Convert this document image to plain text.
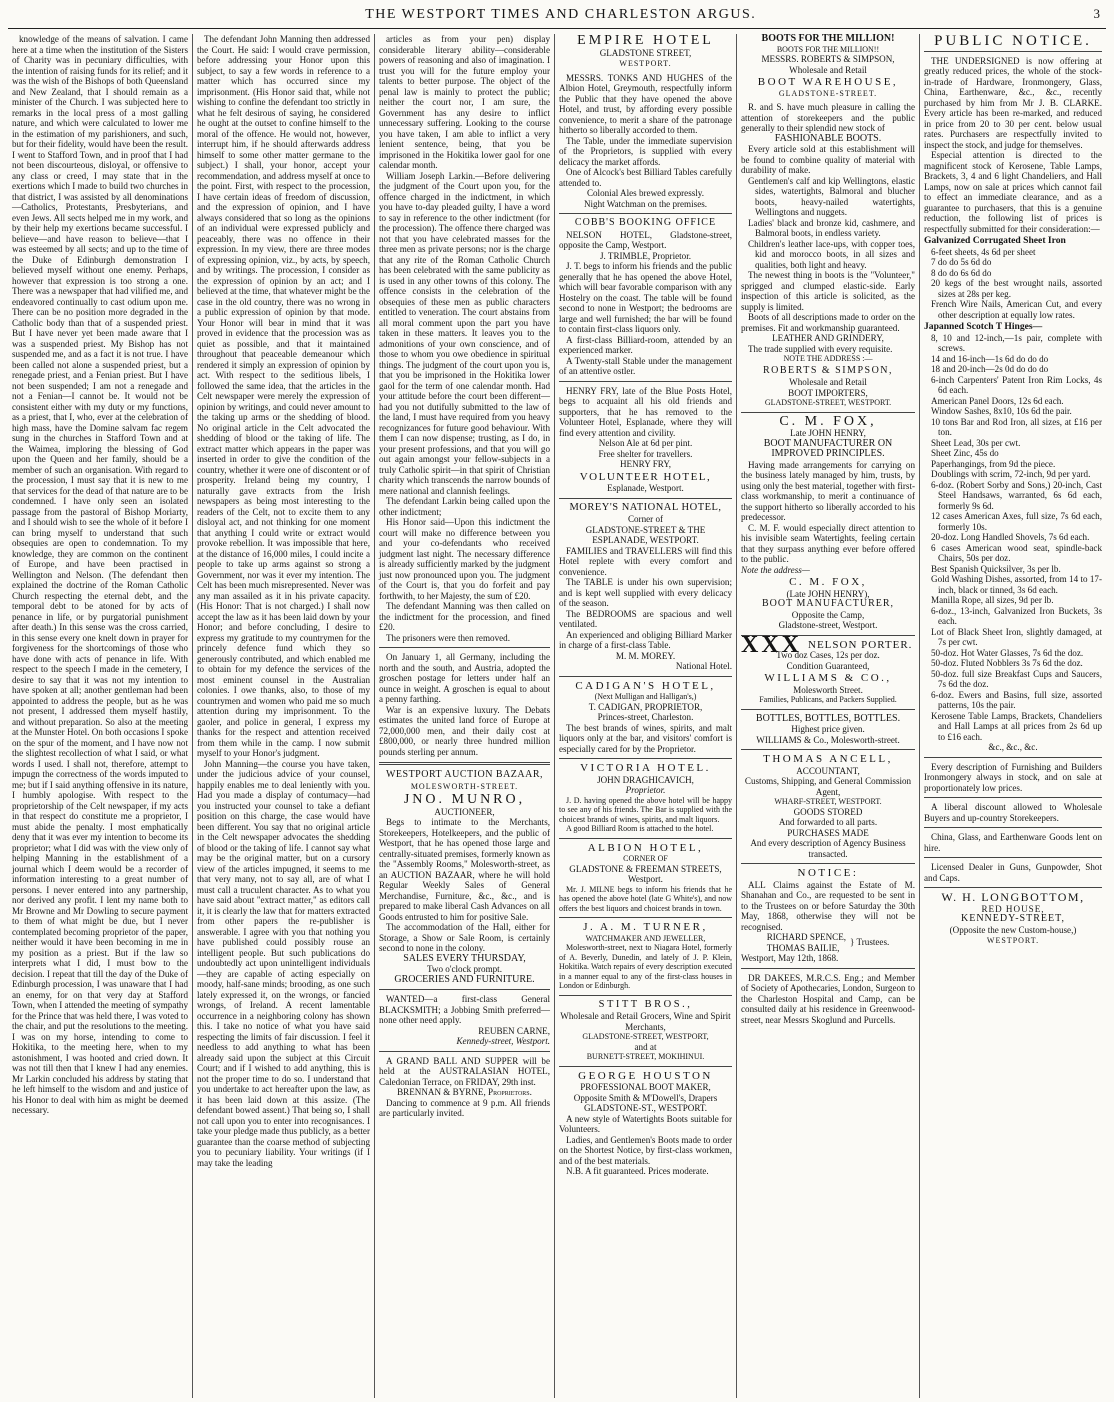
THE WESTPORT TIMES AND CHARLESTON ARGUS.	3

knowledge of the means of salvation. I came here at a time when the institution of the Sisters of Charity was in pecuniary difficulties, with the intention of raising funds for its relief; and it was the wish of the Bishops of both Queensland and New Zealand, that I should remain as a minister of the Church. I was subjected here to remarks in the local press of a most galling nature, and which were calculated to lower me in the estimation of my parishioners, and such, but for their fidelity, would have been the result. I went to Stafford Town, and in proof that I had not been discourteous, disloyal, or offensive to any class or creed, I may state that in the exertions which I made to build two churches in that district, I was assisted by all denominations—Catholics, Protestants, Presbyterians, and even Jews. All sects helped me in my work, and by their help my exertions became successful. I believe—and have reason to believe—that I was esteemed by all sects; and up to the time of the Duke of Edinburgh demonstration I believed myself without one enemy. Perhaps, however that expression is too strong a one. There was a newspaper that had vilified me, and endeavored continually to cast odium upon me. There can be no position more degraded in the Catholic body than that of a suspended priest. But I have never yet been made aware that I was a suspended priest. My Bishop has not suspended me, and as a fact it is not true. I have been called not alone a suspended priest, but a renegade priest, and a Fenian priest. But I have not been suspended; I am not a renegade and not a Fenian—I cannot be. It would not be consistent either with my duty or my functions, as a priest, that I, who, ever at the celebration of high mass, have the Domine salvam fac regem sung in the churches in Stafford Town and at the Waimea, imploring the blessing of God upon the Queen and her family, should be a member of such an organisation. With regard to the procession, I must say that it is new to me that services for the dead of that nature are to be condemned. I have only seen an isolated passage from the pastoral of Bishop Moriarty, and I should wish to see the whole of it before I can bring myself to understand that such obsequies are open to condemnation. To my knowledge, they are common on the continent of Europe, and have been practised in Wellington and Nelson. (The defendant then explained the doctrine of the Roman Catholic Church respecting the eternal debt, and the temporal debt to be atoned for by acts of penance in life, or by purgatorial punishment after death.) In this sense was the cross carried, in this sense every one knelt down in prayer for forgiveness for the shortcomings of those who have done with acts of penance in life. With respect to the speech I made in the cemetery, I desire to say that it was not my intention to have spoken at all; another gentleman had been appointed to address the people, but as he was not present, I addressed them myself hastily, and without preparation. So also at the meeting at the Munster Hotel. On both occasions I spoke on the spur of the moment, and I have now not the slightest recollection of what I said, or what words I used. I shall not, therefore, attempt to impugn the correctness of the words imputed to me; but if I said anything offensive in its nature, I humbly apologise. With respect to the proprietorship of the Celt newspaper, if my acts in that respect do constitute me a proprietor, I must abide the penalty. I most emphatically deny that it was ever my intention to become its proprietor; what I did was with the view only of helping Manning in the establishment of a journal which I deem would be a recorder of information interesting to a great number of persons. I never entered into any partnership, nor derived any profit. I lent my name both to Mr Browne and Mr Dowling to secure payment to them of what might be due, but I never contemplated becoming proprietor of the paper, neither would it have been becoming in me in my position as a priest. But if the law so interprets what I did, I must bow to the decision. I repeat that till the day of the Duke of Edinburgh procession, I was unaware that I had an enemy, for on that very day at Stafford Town, when I attended the meeting of sympathy for the Prince that was held there, I was voted to the chair, and put the resolutions to the meeting. I was on my horse, intending to come to Hokitika, to the meeting here, when to my astonishment, I was hooted and cried down. It was not till then that I knew I had any enemies. Mr Larkin concluded his address by stating that he left himself to the wisdom and and justice of his Honor to deal with him as might be deemed necessary.

The defendant John Manning then addressed the Court. He said: I would crave permission, before addressing your Honor upon this subject, to say a few words in reference to a matter which has occurred since my imprisonment. (His Honor said that, while not wishing to confine the defendant too strictly in what he felt desirous of saying, he considered he ought at the outset to confine himself to the moral of the offence. He would not, however, interrupt him, if he should afterwards address himself to some other matter germane to the subject.) I shall, your honor, accept your recommendation, and address myself at once to the point. First, with respect to the procession, I have certain ideas of freedom of discussion, and the expression of opinion, and I have always considered that so long as the opinions of an individual were expressed publicly and peaceably, there was no offence in their expression. In my view, there are three modes of expressing opinion, viz., by acts, by speech, and by writings. The procession, I consider as the expression of opinion by an act; and I believed at the time, that whatever might be the case in the old country, there was no wrong in a public expression of opinion by that mode. Your Honor will bear in mind that it was proved in evidence that the procession was as quiet as possible, and that it maintained throughout that peaceable demeanour which rendered it simply an expression of opinion by act. With respect to the seditious libels, I followed the same idea, that the articles in the Celt newspaper were merely the expression of opinion by writings, and could never amount to the taking up arms or the shedding of blood. No original article in the Celt advocated the shedding of blood or the taking of life. The extract matter which appears in the paper was inserted in order to give the condition of the country, whether it were one of discontent or of prosperity. Ireland being my country, I naturally gave extracts from the Irish newspapers as being most interesting to the readers of the Celt, not to excite them to any disloyal act, and not thinking for one moment that anything I could write or extract would provoke rebellion. It was impossible that here, at the distance of 16,000 miles, I could incite a people to take up arms against so strong a Government, nor was it ever my intention. The Celt has been much misrepresented. Never was any man assailed as it in his private capacity. (His Honor: That is not charged.) I shall now accept the law as it has been laid down by your Honor; and before concluding, I desire to express my gratitude to my countrymen for the princely defence fund which they so generously contributed, and which enabled me to obtain for my defence the services of the most eminent counsel in the Australian colonies. I owe thanks, also, to those of my countrymen and women who paid me so much attention during my imprisonment. To the gaoler, and police in general, I express my thanks for the respect and attention received from them while in the camp. I now submit myself to your Honor's judgment.

John Manning—the course you have taken, under the judicious advice of your counsel, happily enables me to deal leniently with you. Had you made a display of contumacy—had you instructed your counsel to take a defiant position on this charge, the case would have been different. You say that no original article in the Celt newspaper advocates the shedding of blood or the taking of life. I cannot say what may be the original matter, but on a cursory view of the articles impugned, it seems to me that very many, not to say all, are of what I must call a truculent character. As to what you have said about "extract matter," as editors call it, it is clearly the law that for matters extracted from other papers the re-publisher is answerable. I agree with you that nothing you have published could possibly rouse an intelligent people. But such publications do undoubtedly act upon unintelligent individuals—they are capable of acting especially on moody, half-sane minds; brooding, as one such lately expressed it, on the wrongs, or fancied wrongs, of Ireland. A recent lamentable occurrence in a neighboring colony has shown this. I take no notice of what you have said respecting the limits of fair discussion. I feel it needless to add anything to what has been already said upon the subject at this Circuit Court; and if I wished to add anything, this is not the proper time to do so. I understand that you undertake to act hereafter upon the law, as it has been laid down at this assize. (The defendant bowed assent.) That being so, I shall not call upon you to enter into recognisances. I take your pledge made thus publicly, as a better guarantee than the coarse method of subjecting you to pecuniary liability. Your writings (if I may take the leading

articles as from your pen) display considerable literary ability—considerable powers of reasoning and also of imagination. I trust you will for the future employ your talents to better purpose. The object of the penal law is mainly to protect the public; neither the court nor, I am sure, the Government has any desire to inflict unnecessary suffering. Looking to the course you have taken, I am able to inflict a very lenient sentence, being, that you be imprisoned in the Hokitika lower gaol for one calendar month.

William Joseph Larkin.—Before delivering the judgment of the Court upon you, for the offence charged in the indictment, in which you have to-day pleaded guilty, I have a word to say in reference to the other indictment (for the procession). The offence there charged was not that you have celebrated masses for the three men as private persons; nor is the charge that any rite of the Roman Catholic Church has been celebrated with the same publicity as is used in any other towns of this colony. The offence consists in the celebration of the obsequies of these men as public characters entitled to veneration. The court abstains from all moral comment upon the part you have taken in these matters. It leaves you to the admonitions of your own conscience, and of those to whom you owe obedience in spiritual things. The judgment of the court upon you is, that you be imprisoned in the Hokitika lower gaol for the term of one calendar month. Had your attitude before the court been different—had you not dutifully submitted to the law of the land, I must have required from you heavy recognizances for future good behaviour. With them I can now dispense; trusting, as I do, in your present professions, and that you will go out again amongst your fellow-subjects in a truly Catholic spirit—in that spirit of Christian charity which transcends the narrow bounds of mere national and clannish feelings.

The defendant Larkin being called upon the other indictment;

His Honor said—Upon this indictment the court will make no difference between you and your co-defendants who received judgment last night. The necessary difference is already sufficiently marked by the judgment just now pronounced upon you. The judgment of the Court is, that you do forfeit and pay forthwith, to her Majesty, the sum of £20.

The defendant Manning was then called on the indictment for the procession, and fined £20.

The prisoners were then removed.

On January 1, all Germany, including the north and the south, and Austria, adopted the groschen postage for letters under half an ounce in weight. A groschen is equal to about a penny farthing.

War is an expensive luxury. The Debats estimates the united land force of Europe at 72,000,000 men, and their daily cost at £800,000, or nearly three hundred million pounds sterling per annum.

WESTPORT AUCTION BAZAAR,
MOLESWORTH-STREET.
JNO. MUNRO,
AUCTIONEER,

Begs to intimate to the Merchants, Storekeepers, Hotelkeepers, and the public of Westport, that he has opened those large and centrally-situated premises, formerly known as the "Assembly Rooms," Molesworth-street, as an AUCTION BAZAAR, where he will hold Regular Weekly Sales of General Merchandise, Furniture, &c., &c., and is prepared to make liberal Cash Advances on all Goods entrusted to him for positive Sale.

The accommodation of the Hall, either for Storage, a Show or Sale Room, is certainly second to none in the colony.

SALES EVERY THURSDAY,
Two o'clock prompt.
GROCERIES AND FURNITURE.

WANTED—a first-class General BLACKSMITH; a Jobbing Smith preferred—none other need apply.

REUBEN CARNE,
Kennedy-street, Westport.

A GRAND BALL AND SUPPER will be held at the AUSTRALASIAN HOTEL, Caledonian Terrace, on FRIDAY, 29th inst.

BRENNAN & BYRNE, Proprietors.

Dancing to commence at 9 p.m. All friends are particularly invited.

EMPIRE HOTEL
GLADSTONE STREET,
WESTPORT.

MESSRS. TONKS AND HUGHES of the Albion Hotel, Greymouth, respectfully inform the Public that they have opened the above Hotel, and trust, by affording every possible convenience, to merit a share of the patronage hitherto so liberally accorded to them.

The Table, under the immediate supervision of the Proprietors, is supplied with every delicacy the market affords.

One of Alcock's best Billiard Tables carefully attended to.

Colonial Ales brewed expressly.
Night Watchman on the premises.
COBB'S BOOKING OFFICE

NELSON HOTEL, Gladstone-street, opposite the Camp, Westport.

J. TRIMBLE, Proprietor.

J. T. begs to inform his friends and the public generally that he has opened the above Hotel, which will bear favorable comparison with any Hostelry on the coast. The table will be found second to none in Westport; the bedrooms are large and well furnished; the bar will be found to contain first-class liquors only.

A first-class Billiard-room, attended by an experienced marker.

A Twenty-stall Stable under the management of an attentive ostler.

HENRY FRY, late of the Blue Posts Hotel, begs to acquaint all his old friends and supporters, that he has removed to the Volunteer Hotel, Esplanade, where they will find every attention and civility.

Nelson Ale at 6d per pint.
Free shelter for travellers.
HENRY FRY,
VOLUNTEER HOTEL,
Esplanade, Westport.
MOREY'S NATIONAL HOTEL,
Corner of
GLADSTONE-STREET & THE ESPLANADE, WESTPORT.

FAMILIES and TRAVELLERS will find this Hotel replete with every comfort and convenience.

The TABLE is under his own supervision; and is kept well supplied with every delicacy of the season.

The BEDROOMS are spacious and well ventilated.

An experienced and obliging Billiard Marker in charge of a first-class Table.

M. M. MOREY.
National Hotel.
CADIGAN'S HOTEL,
(Next Mulligan and Halligan's,)
T. CADIGAN, PROPRIETOR,
Princes-street, Charleston.

The best brands of wines, spirits, and malt liquors only at the bar, and visitors' comfort is especially cared for by the Proprietor.

VICTORIA HOTEL.
JOHN DRAGHICAVICH,
Proprietor.

J. D. having opened the above hotel will be happy to see any of his friends. The Bar is supplied with the choicest brands of wines, spirits, and malt liquors.

A good Billiard Room is attached to the hotel.

ALBION HOTEL,
CORNER OF
GLADSTONE & FREEMAN STREETS, Westport.

Mr. J. MILNE begs to inform his friends that he has opened the above hotel (late G White's), and now offers the best liquors and choicest brands in town.

J. A. M. TURNER,
WATCHMAKER AND JEWELLER,

Molesworth-street, next to Niagara Hotel, formerly of A. Beverly, Dunedin, and lately of J. P. Klein, Hokitika. Watch repairs of every description executed in a manner equal to any of the first-class houses in London or Edinburgh.

STITT BROS.,
Wholesale and Retail Grocers, Wine and Spirit Merchants,
GLADSTONE-STREET, WESTPORT,
and at
BURNETT-STREET, MOKIHINUI.
GEORGE HOUSTON
PROFESSIONAL BOOT MAKER,
Opposite Smith & M'Dowell's, Drapers GLADSTONE-ST., WESTPORT.

A new style of Watertights Boots suitable for Volunteers.

Ladies, and Gentlemen's Boots made to order on the Shortest Notice, by first-class workmen, and of the best materials.

N.B. A fit guaranteed. Prices moderate.

BOOTS FOR THE MILLION!
BOOTS FOR THE MILLION!!
MESSRS. ROBERTS & SIMPSON,
Wholesale and Retail
BOOT WAREHOUSE,
GLADSTONE-STREET.

R. and S. have much pleasure in calling the attention of storekeepers and the public generally to their splendid new stock of

FASHIONABLE BOOTS.

Every article sold at this establishment will be found to combine quality of material with durability of make.

Gentlemen's calf and kip Wellingtons, elastic sides, watertights, Balmoral and blucher boots, heavy-nailed watertights, Wellingtons and nuggets.

Ladies' black and bronze kid, cashmere, and Balmoral boots, in endless variety.

Children's leather lace-ups, with copper toes, kid and morocco boots, in all sizes and qualities, both light and heavy.

The newest thing in boots is the "Volunteer," sprigged and clumped elastic-side. Early inspection of this article is solicited, as the supply is limited.

Boots of all descriptions made to order on the premises. Fit and workmanship guaranteed.

LEATHER AND GRINDERY,

The trade supplied with every requisite.

NOTE THE ADDRESS :—
ROBERTS & SIMPSON,
Wholesale and Retail
BOOT IMPORTERS,
GLADSTONE-STREET, WESTPORT.
C. M. FOX,
Late JOHN HENRY,
BOOT MANUFACTURER ON IMPROVED PRINCIPLES.

Having made arrangements for carrying on the business lately managed by him, trusts, by using only the best material, together with first-class workmanship, to merit a continuance of the support hitherto so liberally accorded to his predecessor.

C. M. F. would especially direct attention to his invisible seam Watertights, feeling certain that they surpass anything ever before offered to the public.

Note the address—
C. M. FOX,
(Late JOHN HENRY),
BOOT MANUFACTURER,
Opposite the Camp,
Gladstone-street, Westport.
XXX NELSON PORTER.
Two doz Cases, 12s per doz.
Condition Guaranteed,
WILLIAMS & CO.,
Molesworth Street.
Families, Publicans, and Packers Supplied.
BOTTLES, BOTTLES, BOTTLES.
Highest price given.
WILLIAMS & Co., Molesworth-street.
THOMAS ANCELL,
ACCOUNTANT,
Customs, Shipping, and General Commission Agent,
WHARF-STREET, WESTPORT.
GOODS STORED
And forwarded to all parts.
PURCHASES MADE
And every description of Agency Business transacted.
NOTICE:

ALL Claims against the Estate of M. Shanahan and Co., are requested to be sent in to the Trustees on or before Saturday the 30th May, 1868, otherwise they will not be recognised.

RICHARD SPENCE,
THOMAS BAILIE,
} Trustees.
Westport, May 12th, 1868.

DR DAKEES, M.R.C.S. Eng.; and Member of Society of Apothecaries, London, Surgeon to the Charleston Hospital and Camp, can be consulted daily at his residence in Greenwood-street, near Messrs Skoglund and Purcells.

PUBLIC NOTICE.

THE UNDERSIGNED is now offering at greatly reduced prices, the whole of the stock-in-trade of Hardware, Ironmongery, Glass, China, Earthenware, &c., &c., recently purchased by him from Mr J. B. CLARKE. Every article has been re-marked, and reduced in price from 20 to 30 per cent. below usual rates. Purchasers are respectfully invited to inspect the stock, and judge for themselves.

Especial attention is directed to the magnificent stock of Kerosene, Table Lamps, Brackets, 3, 4 and 6 light Chandeliers, and Hall Lamps, now on sale at prices which cannot fail to effect an immediate clearance, and as a guarantee to purchasers, that this is a genuine reduction, the following list of prices is respectfully submitted for their consideration:—

Galvanized Corrugated Sheet Iron
6-feet sheets, 4s 6d per sheet
7 do do 5s 6d do
8 do do 6s 6d do
20 kegs of the best wrought nails, assorted sizes at 28s per keg.
French Wire Nails, American Cut, and every other description at equally low rates.
Japanned Scotch T Hinges—
8, 10 and 12-inch,—1s pair, complete with screws.
14 and 16-inch—1s 6d do do do
18 and 20-inch—2s 0d do do do
6-inch Carpenters' Patent Iron Rim Locks, 4s 6d each.
American Panel Doors, 12s 6d each.
Window Sashes, 8x10, 10s 6d the pair.
10 tons Bar and Rod Iron, all sizes, at £16 per ton.
Sheet Lead, 30s per cwt.
Sheet Zinc, 45s do
Paperhangings, from 9d the piece.
Doublings with scrim, 72-inch, 9d per yard.
6-doz. (Robert Sorby and Sons,) 20-inch, Cast Steel Handsaws, warranted, 6s 6d each, formerly 9s 6d.
12 cases American Axes, full size, 7s 6d each, formerly 10s.
20-doz. Long Handled Shovels, 7s 6d each.
6 cases American wood seat, spindle-back Chairs, 50s per doz.
Best Spanish Quicksilver, 3s per lb.
Gold Washing Dishes, assorted, from 14 to 17-inch, black or tinned, 3s 6d each.
Manilla Rope, all sizes, 9d per lb.
6-doz., 13-inch, Galvanized Iron Buckets, 3s each.
Lot of Black Sheet Iron, slightly damaged, at 7s per cwt.
50-doz. Hot Water Glasses, 7s 6d the doz.
50-doz. Fluted Nobblers 3s 7s 6d the doz.
50-doz. full size Breakfast Cups and Saucers, 7s 6d the doz.
6-doz. Ewers and Basins, full size, assorted patterns, 10s the pair.
Kerosene Table Lamps, Brackets, Chandeliers and Hall Lamps at all prices from 2s 6d up to £16 each.
&c., &c., &c.

Every description of Furnishing and Builders Ironmongery always in stock, and on sale at proportionately low prices.

A liberal discount allowed to Wholesale Buyers and up-country Storekeepers.

China, Glass, and Earthenware Goods lent on hire.

Licensed Dealer in Guns, Gunpowder, Shot and Caps.

W. H. LONGBOTTOM,
RED HOUSE,
KENNEDY-STREET,
(Opposite the new Custom-house,)
WESTPORT.
